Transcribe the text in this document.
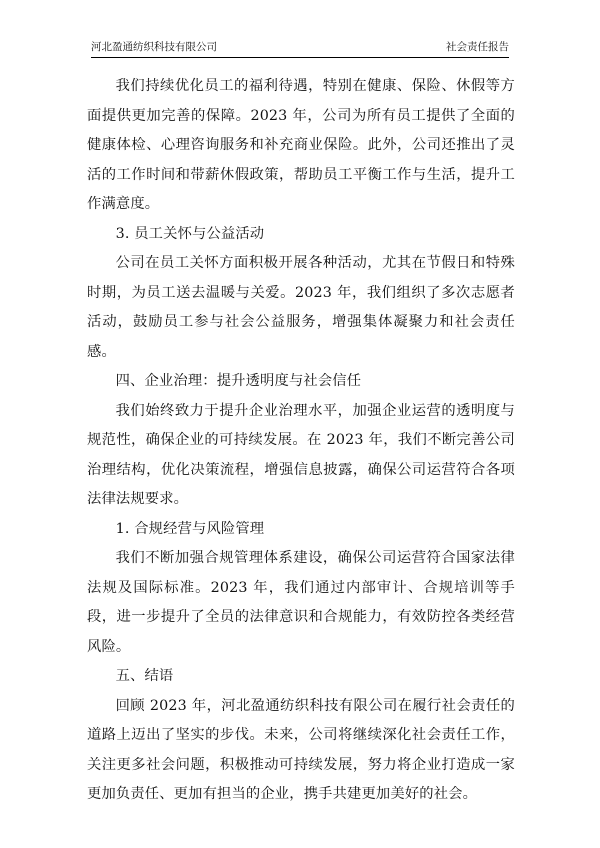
河北盈通纺织科技有限公司	社会责任报告

我们持续优化员工的福利待遇，特别在健康、保险、休假等方面提供更加完善的保障。2023 年，公司为所有员工提供了全面的健康体检、心理咨询服务和补充商业保险。此外，公司还推出了灵活的工作时间和带薪休假政策，帮助员工平衡工作与生活，提升工作满意度。

3. 员工关怀与公益活动

公司在员工关怀方面积极开展各种活动，尤其在节假日和特殊时期，为员工送去温暖与关爱。2023 年，我们组织了多次志愿者活动，鼓励员工参与社会公益服务，增强集体凝聚力和社会责任感。

四、企业治理：提升透明度与社会信任

我们始终致力于提升企业治理水平，加强企业运营的透明度与规范性，确保企业的可持续发展。在 2023 年，我们不断完善公司治理结构，优化决策流程，增强信息披露，确保公司运营符合各项法律法规要求。

1. 合规经营与风险管理

我们不断加强合规管理体系建设，确保公司运营符合国家法律法规及国际标准。2023 年，我们通过内部审计、合规培训等手段，进一步提升了全员的法律意识和合规能力，有效防控各类经营风险。

五、结语

回顾 2023 年，河北盈通纺织科技有限公司在履行社会责任的道路上迈出了坚实的步伐。未来，公司将继续深化社会责任工作，关注更多社会问题，积极推动可持续发展，努力将企业打造成一家更加负责任、更加有担当的企业，携手共建更加美好的社会。
